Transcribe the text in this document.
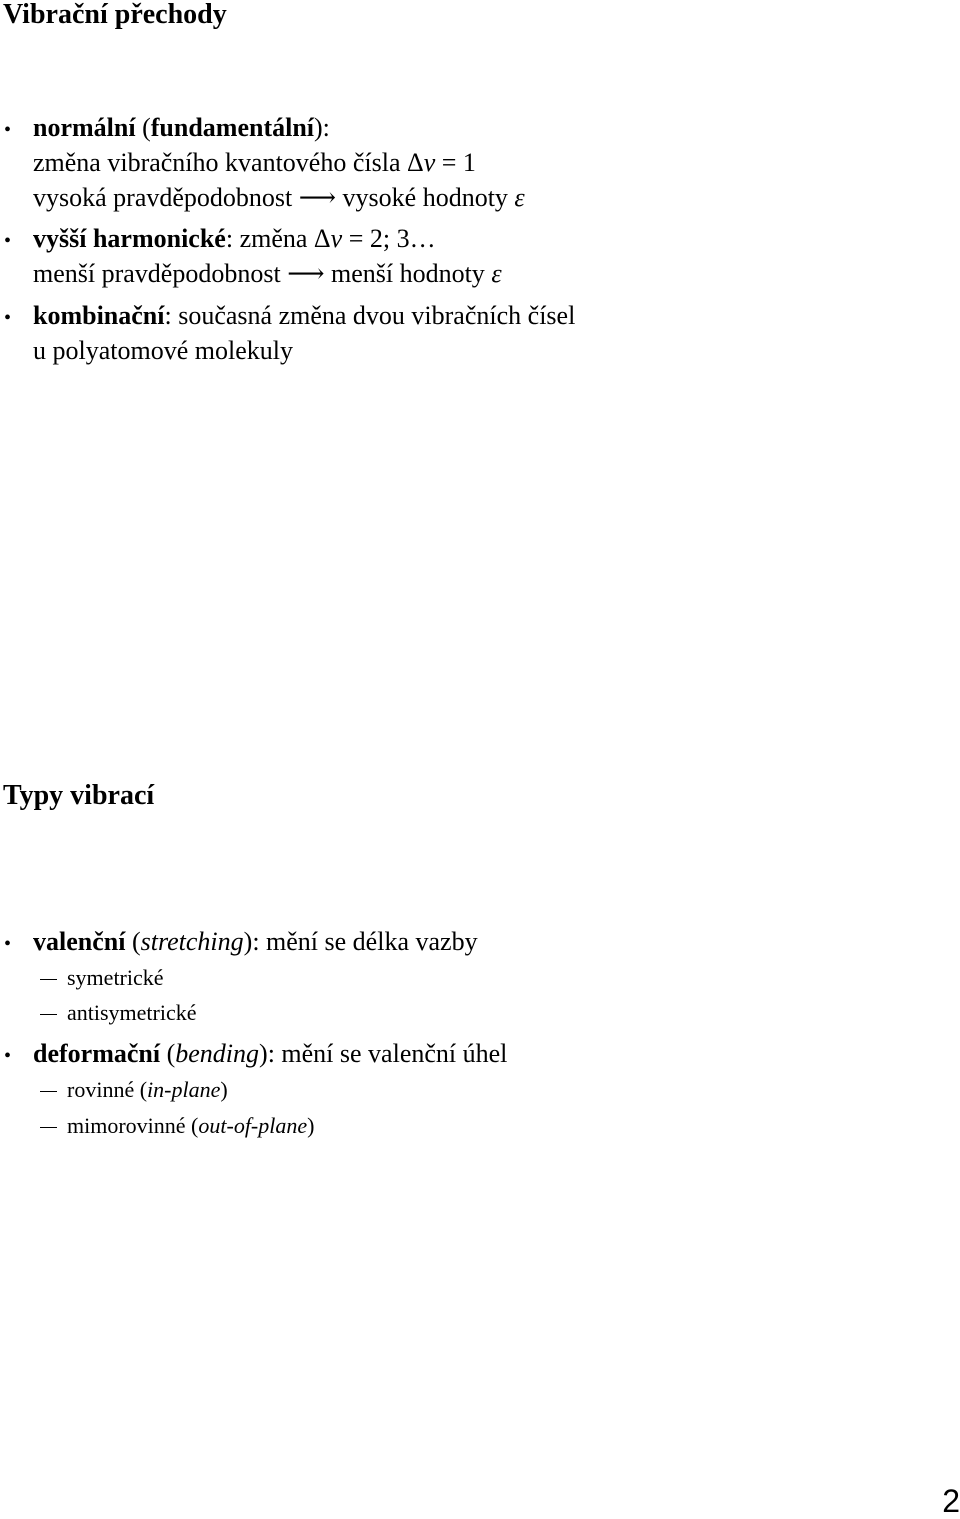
Vibrační přechody
• normální (fundamentální):
změna vibračního kvantového čísla Δv = 1
vysoká pravděpodobnost ⟶ vysoké hodnoty ε
• vyšší harmonické: změna Δv = 2; 3…
menší pravděpodobnost ⟶ menší hodnoty ε
• kombinační: současná změna dvou vibračních čísel
u polyatomové molekuly
Typy vibrací
• valenční (stretching): mění se délka vazby
symetrické
antisymetrické
• deformační (bending): mění se valenční úhel
rovinné (in-plane)
mimorovinné (out-of-plane)
2
